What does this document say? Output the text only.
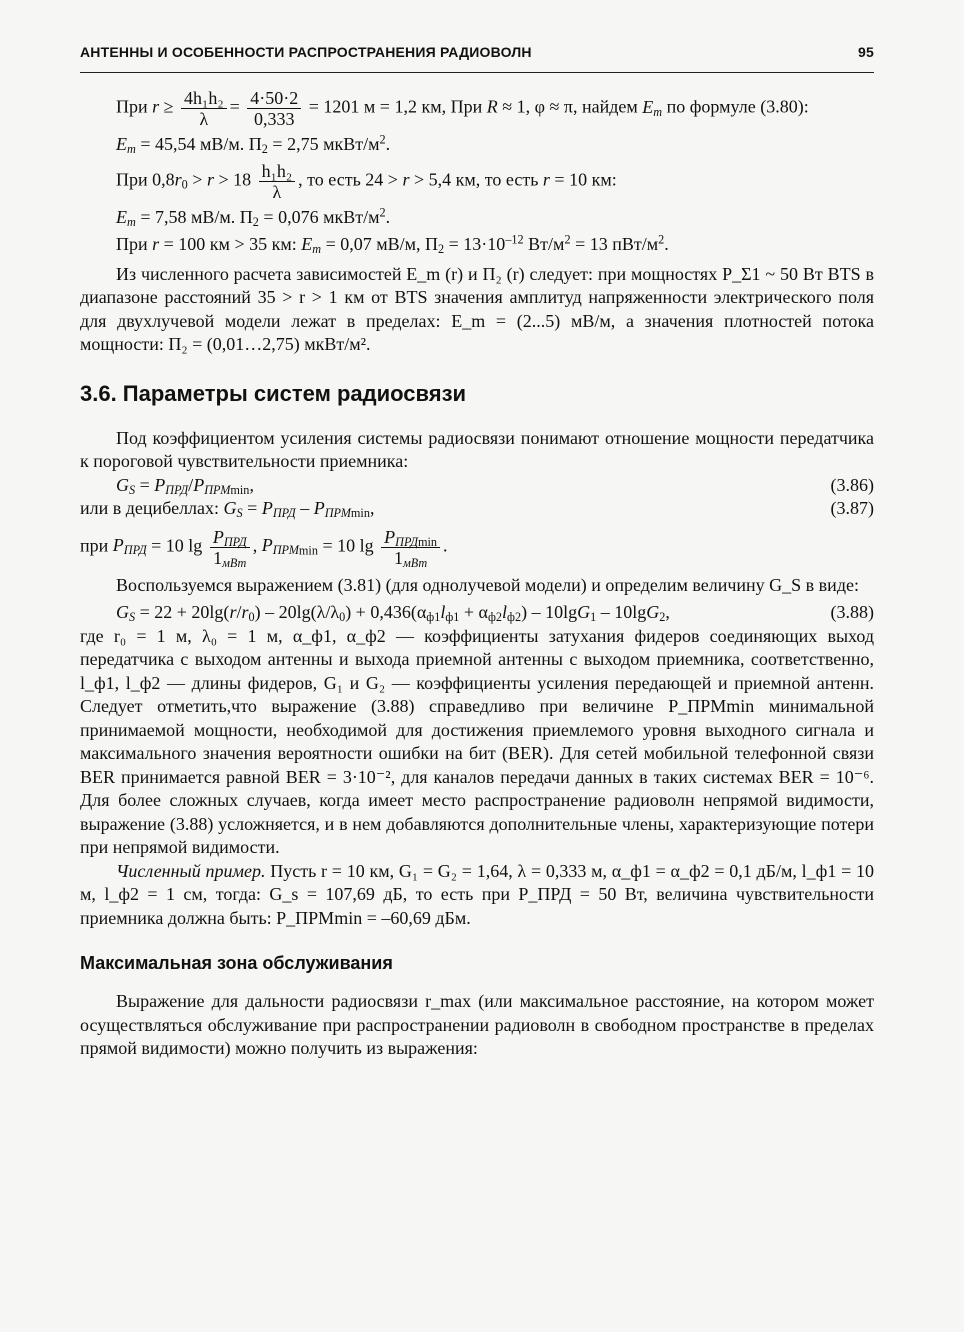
АНТЕННЫ И ОСОБЕННОСТИ РАСПРОСТРАНЕНИЯ РАДИОВОЛН	95
При $r \ge \frac{\text{4h₁h₂}}{\lambda} = \frac{4\cdot 50\cdot 2}{0,333} = 1201$ м = 1,2 км, При R ≈ 1, φ ≈ π, найдем $E_m$ по формуле (3.80):
$E_m = 45,54$ мВ/м. $П_2 = 2,75$ мкВт/$м^2$.
При $0,8r_0 > r > 18 \frac{\text{h₁h₂}}{\lambda}$ , то есть 24 > r > 5,4 км, то есть r = 10 км:
$E_m = 7,58$ мВ/м. $П_2 = 0,076$ мкВт/$м^2$.
При r = 100 км > 35 км: $E_m = 0,07$ мВ/м, $П_2 = 13\cdot 10^{-12}$ $Вт/м^2 = 13$ пВт/$м^2$.

Из численного расчета зависимостей E_m (r) и П₂ (r) следует: при мощностях P_Σ1 ~ 50 Вт BTS в диапазоне расстояний 35 > r > 1 км от BTS значения амплитуд напряженности электрического поля для двухлучевой модели лежат в пределах: E_m = (2...5) мВ/м, а значения плотностей потока мощности: П₂ = (0,01…2,75) мкВт/м².

3.6. Параметры систем радиосвязи

Под коэффициентом усиления системы радиосвязи понимают отношение мощности передатчика к пороговой чувствительности приемника:

$G_S = P_{ПРД}/P_{ПРМmin}$,	(3.86)
или в децибеллах: $G_S = P_{ПРД} - P_{ПРМmin}$,	(3.87)
при $P_{ПРД} = 10$ $\lg \frac{P_{ПРД}}{1_{мВт}}$ , $P_{ПРМmin} = 10$ $\lg \frac{P_{ПРДmin}}{1_{мВт}}$ .

Воспользуемся выражением (3.81) (для однолучевой модели) и определим величину G_S в виде:

$G_S = 22 + 20\lg(r/r_0) - 20\lg(\lambda/\lambda_0) + 0,436(\alpha_{ф1}l_{ф1} + \alpha_{ф2}l_{ф2}) - 10\lg G_1 - 10\lg G_2$,	(3.88)

где r₀ = 1 м, λ₀ = 1 м, α_ф1, α_ф2 — коэффициенты затухания фидеров соединяющих выход передатчика с выходом антенны и выхода приемной антенны с выходом приемника, соответственно, l_ф1, l_ф2 — длины фидеров, G₁ и G₂ — коэффициенты усиления передающей и приемной антенн. Следует отметить,что выражение (3.88) справедливо при величине P_ПРМmin минимальной принимаемой мощности, необходимой для достижения приемлемого уровня выходного сигнала и максимального значения вероятности ошибки на бит (BER). Для сетей мобильной телефонной связи BER принимается равной BER = 3·10⁻², для каналов передачи данных в таких системах BER = 10⁻⁶. Для более сложных случаев, когда имеет место распространение радиоволн непрямой видимости, выражение (3.88) усложняется, и в нем добавляются дополнительные члены, характеризующие потери при непрямой видимости.

Численный пример. Пусть r = 10 км, G₁ = G₂ = 1,64, λ = 0,333 м, α_ф1 = α_ф2 = 0,1 дБ/м, l_ф1 = 10 м, l_ф2 = 1 см, тогда: G_s = 107,69 дБ, то есть при P_ПРД = 50 Вт, величина чувствительности приемника должна быть: P_ПРМmin = –60,69 дБм.

Максимальная зона обслуживания

Выражение для дальности радиосвязи r_max (или максимальное расстояние, на котором может осуществляться обслуживание при распространении радиоволн в свободном пространстве в пределах прямой видимости) можно получить из выражения:
